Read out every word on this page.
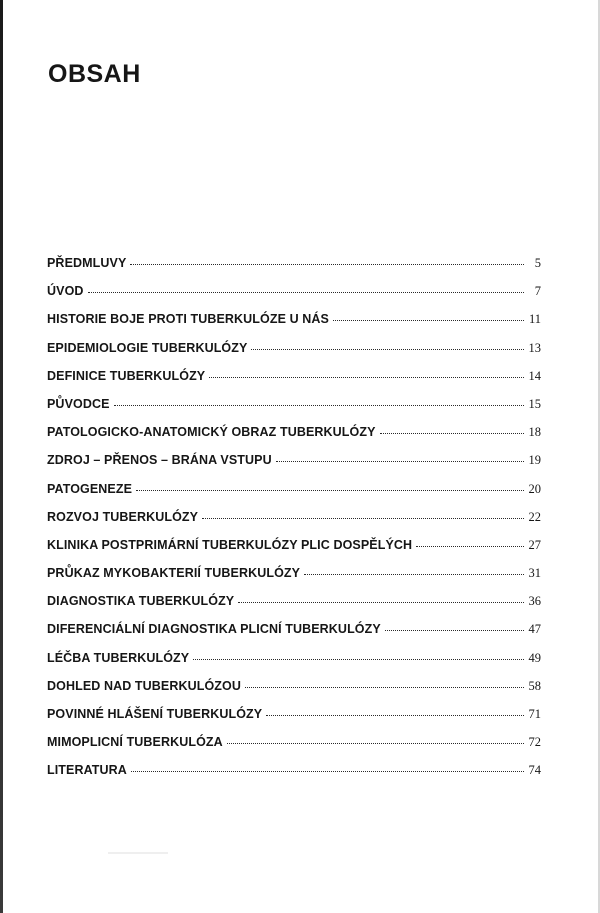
OBSAH
PŘEDMLUVY	5
ÚVOD	7
HISTORIE BOJE PROTI TUBERKULÓZE U NÁS	11
EPIDEMIOLOGIE TUBERKULÓZY	13
DEFINICE TUBERKULÓZY	14
PŮVODCE	15
PATOLOGICKO-ANATOMICKÝ OBRAZ TUBERKULÓZY	18
ZDROJ – PŘENOS – BRÁNA VSTUPU	19
PATOGENEZE	20
ROZVOJ TUBERKULÓZY	22
KLINIKA POSTPRIMÁRNÍ TUBERKULÓZY PLIC DOSPĚLÝCH	27
PRŮKAZ MYKOBAKTERIÍ TUBERKULÓZY	31
DIAGNOSTIKA TUBERKULÓZY	36
DIFERENCIÁLNÍ DIAGNOSTIKA PLICNÍ TUBERKULÓZY	47
LÉČBA TUBERKULÓZY	49
DOHLED NAD TUBERKULÓZOU	58
POVINNÉ HLÁŠENÍ TUBERKULÓZY	71
MIMOPLICNÍ TUBERKULÓZA	72
LITERATURA	74
